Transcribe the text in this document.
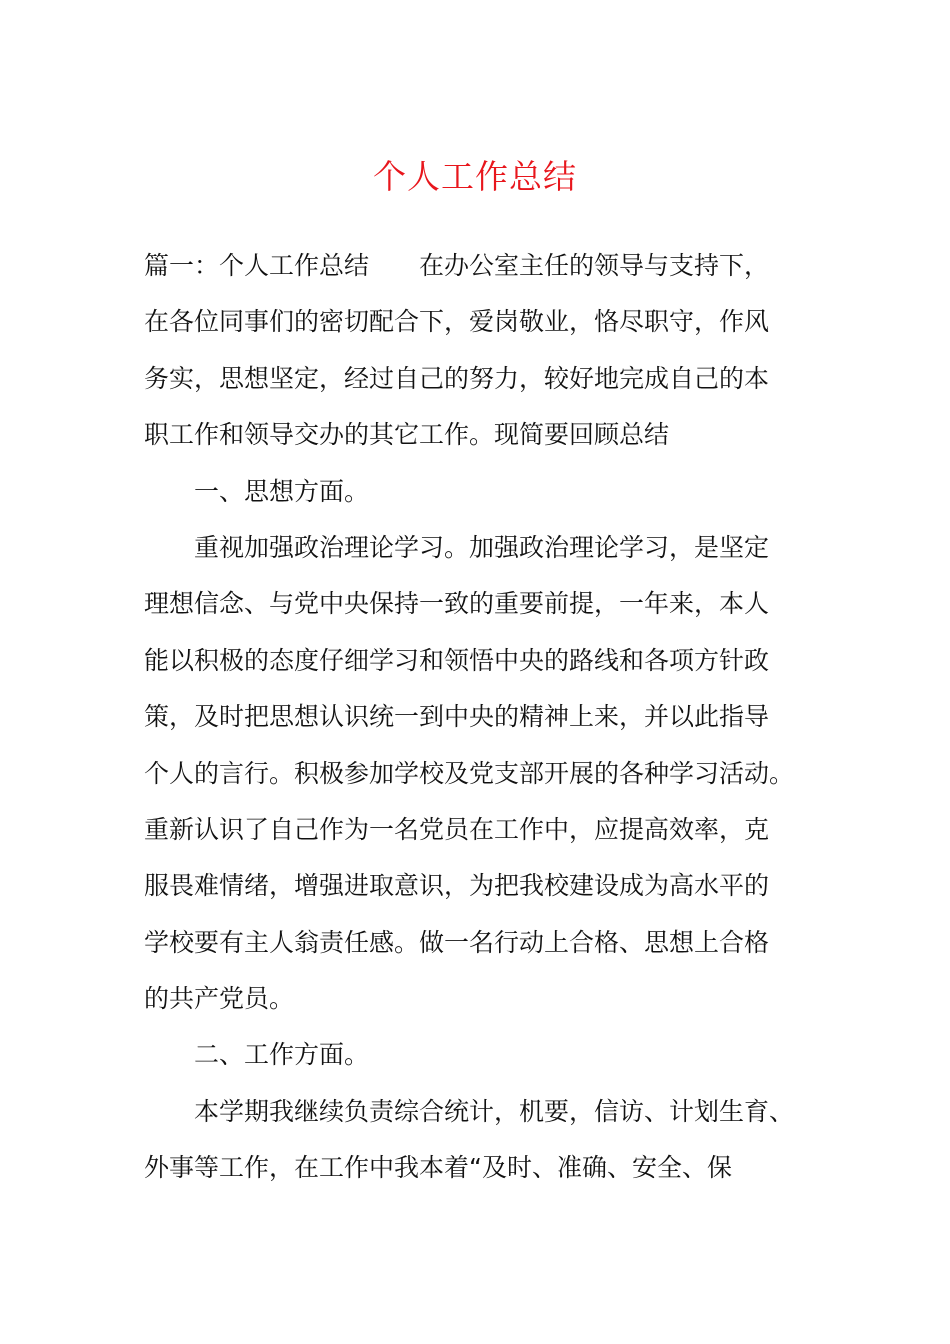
个人工作总结
篇一：个人工作总结　　在办公室主任的领导与支持下，
在各位同事们的密切配合下，爱岗敬业，恪尽职守，作风
务实，思想坚定，经过自己的努力，较好地完成自己的本
职工作和领导交办的其它工作。现简要回顾总结
一、思想方面。
重视加强政治理论学习。加强政治理论学习，是坚定
理想信念、与党中央保持一致的重要前提，一年来，本人
能以积极的态度仔细学习和领悟中央的路线和各项方针政
策，及时把思想认识统一到中央的精神上来，并以此指导
个人的言行。积极参加学校及党支部开展的各种学习活动。
重新认识了自己作为一名党员在工作中，应提高效率，克
服畏难情绪，增强进取意识，为把我校建设成为高水平的
学校要有主人翁责任感。做一名行动上合格、思想上合格
的共产党员。
二、工作方面。
本学期我继续负责综合统计，机要，信访、计划生育、
外事等工作，在工作中我本着“及时、准确、安全、保
